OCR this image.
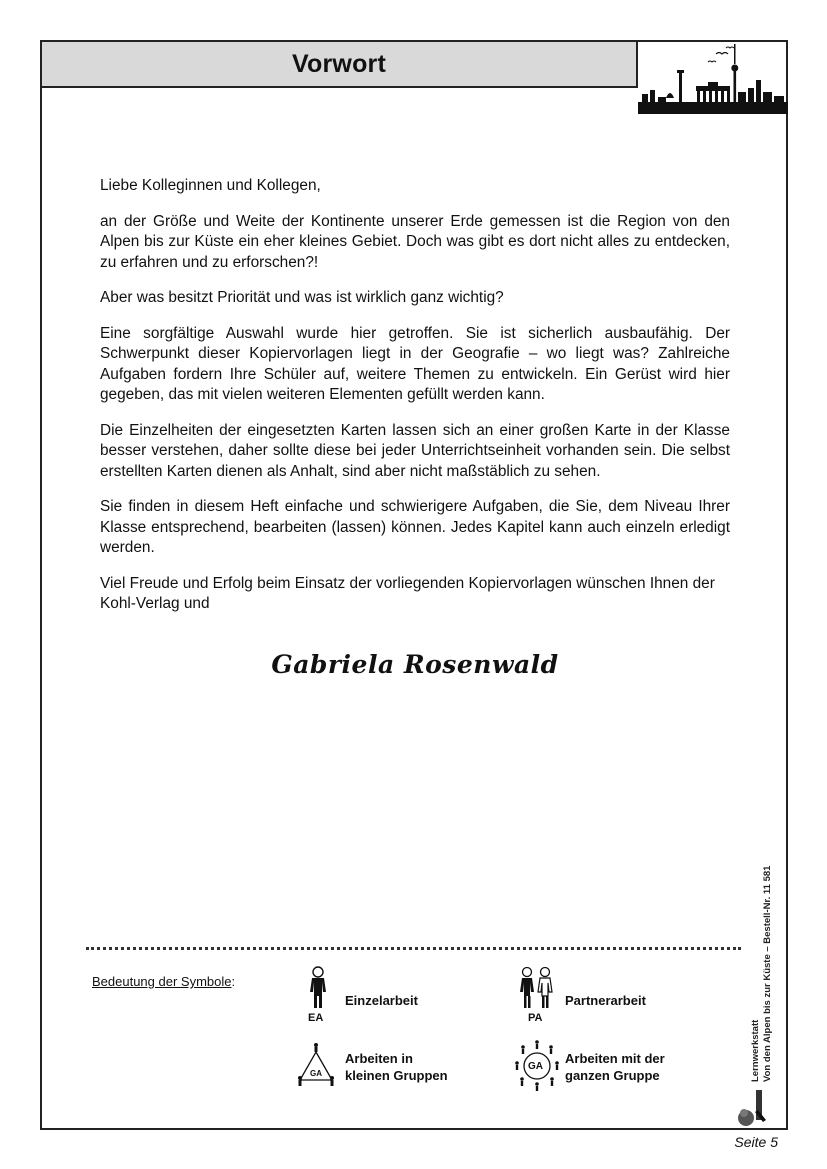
Vorwort

Liebe Kolleginnen und Kollegen,

an der Größe und Weite der Kontinente unserer Erde gemessen ist die Region von den Alpen bis zur Küste ein eher kleines Gebiet. Doch was gibt es dort nicht alles zu entdecken, zu erfahren und zu erforschen?!

Aber was besitzt Priorität und was ist wirklich ganz wichtig?

Eine sorgfältige Auswahl wurde hier getroffen. Sie ist sicherlich ausbaufähig. Der Schwerpunkt dieser Kopiervorlagen liegt in der Geografie – wo liegt was? Zahlreiche Aufgaben fordern Ihre Schüler auf, weitere Themen zu entwickeln. Ein Gerüst wird hier gegeben, das mit vielen weiteren Elementen gefüllt werden kann.

Die Einzelheiten der eingesetzten Karten lassen sich an einer großen Karte in der Klasse besser verstehen, daher sollte diese bei jeder Unterrichtseinheit vorhanden sein. Die selbst erstellten Karten dienen als Anhalt, sind aber nicht maßstäblich zu sehen.

Sie finden in diesem Heft einfache und schwierigere Aufgaben, die Sie, dem Niveau Ihrer Klasse entsprechend, bearbeiten (lassen) können. Jedes Kapitel kann auch einzeln erledigt werden.

Viel Freude und Erfolg beim Einsatz der vorliegenden Kopiervorlagen wünschen Ihnen der Kohl-Verlag und

Gabriela Rosenwald
Lernwerkstatt Von den Alpen bis zur Küste – Bestell-Nr. 11 581
Bedeutung der Symbole:
EA
Einzelarbeit
PA
Partnerarbeit
GA
Arbeiten in
kleinen Gruppen
GA
Arbeiten mit der
ganzen Gruppe
Seite 5
